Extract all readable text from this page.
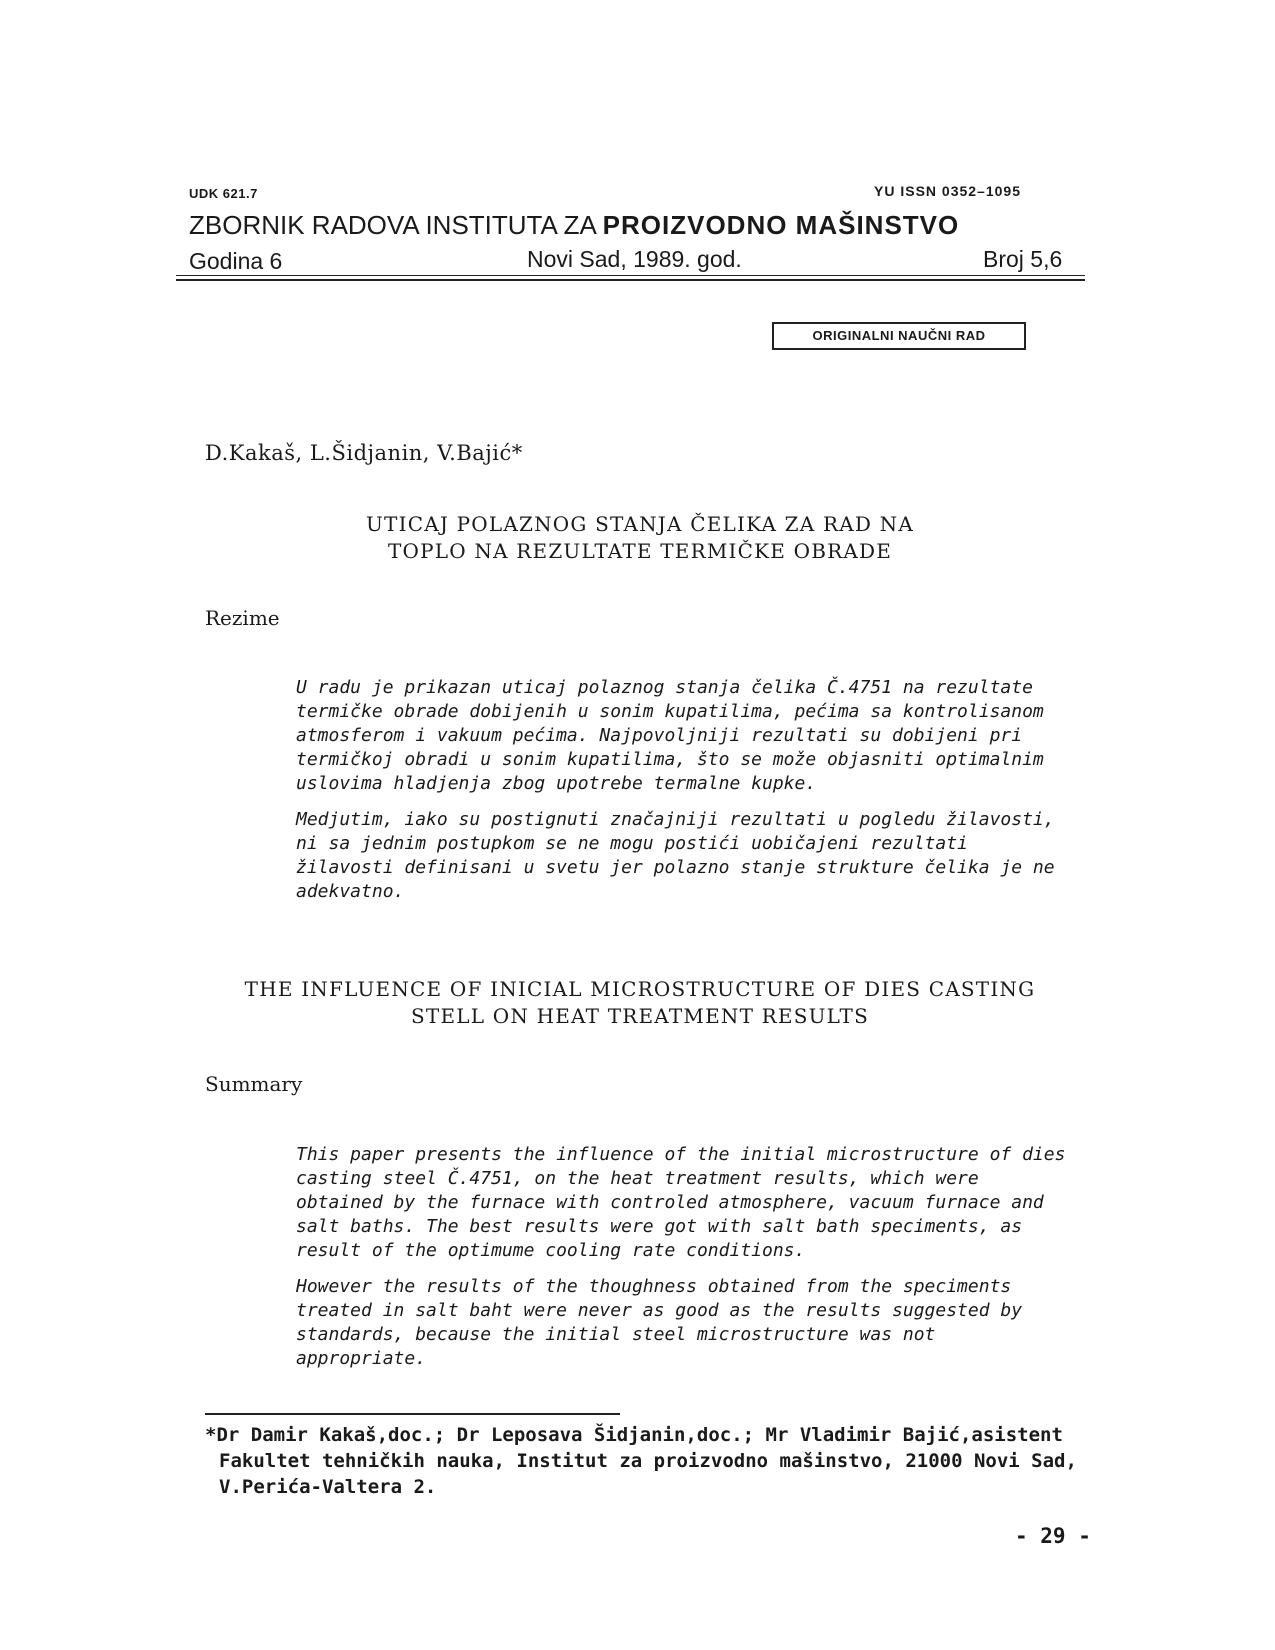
UDK 621.7	YU ISSN 0352–1095
ZBORNIK RADOVA INSTITUTA ZA PROIZVODNO MAŠINSTVO
Godina 6	Novi Sad, 1989. god.	Broj 5,6
ORIGINALNI NAUČNI RAD
D.Kakaš, L.Šidjanin, V.Bajić*
UTICAJ POLAZNOG STANJA ČELIKA ZA RAD NA
TOPLO NA REZULTATE TERMIČKE OBRADE
Rezime

U radu je prikazan uticaj polaznog stanja čelika Č.4751 na rezultate termičke obrade dobijenih u sonim kupatilima, pećima sa kontrolisanom atmosferom i vakuum pećima. Najpovoljniji rezultati su dobijeni pri termičkoj obradi u sonim kupatilima, što se može objasniti optimalnim uslovima hladjenja zbog upotrebe termalne kupke.

Medjutim, iako su postignuti značajniji rezultati u pogledu žilavosti, ni sa jednim postupkom se ne mogu postići uobičajeni rezultati žilavosti definisani u svetu jer polazno stanje strukture čelika je ne adekvatno.

THE INFLUENCE OF INICIAL MICROSTRUCTURE OF DIES CASTING
STELL ON HEAT TREATMENT RESULTS
Summary

This paper presents the influence of the initial microstructure of dies casting steel Č.4751, on the heat treatment results, which were obtained by the furnace with controled atmosphere, vacuum furnace and salt baths. The best results were got with salt bath speciments, as result of the optimume cooling rate conditions.

However the results of the thoughness obtained from the speciments treated in salt baht were never as good as the results suggested by standards, because the initial steel microstructure was not appropriate.

*Dr Damir Kakaš,doc.; Dr Leposava Šidjanin,doc.; Mr Vladimir Bajić,asistent
Fakultet tehničkih nauka, Institut za proizvodno mašinstvo, 21000 Novi Sad,
V.Perića-Valtera 2.
- 29 -
